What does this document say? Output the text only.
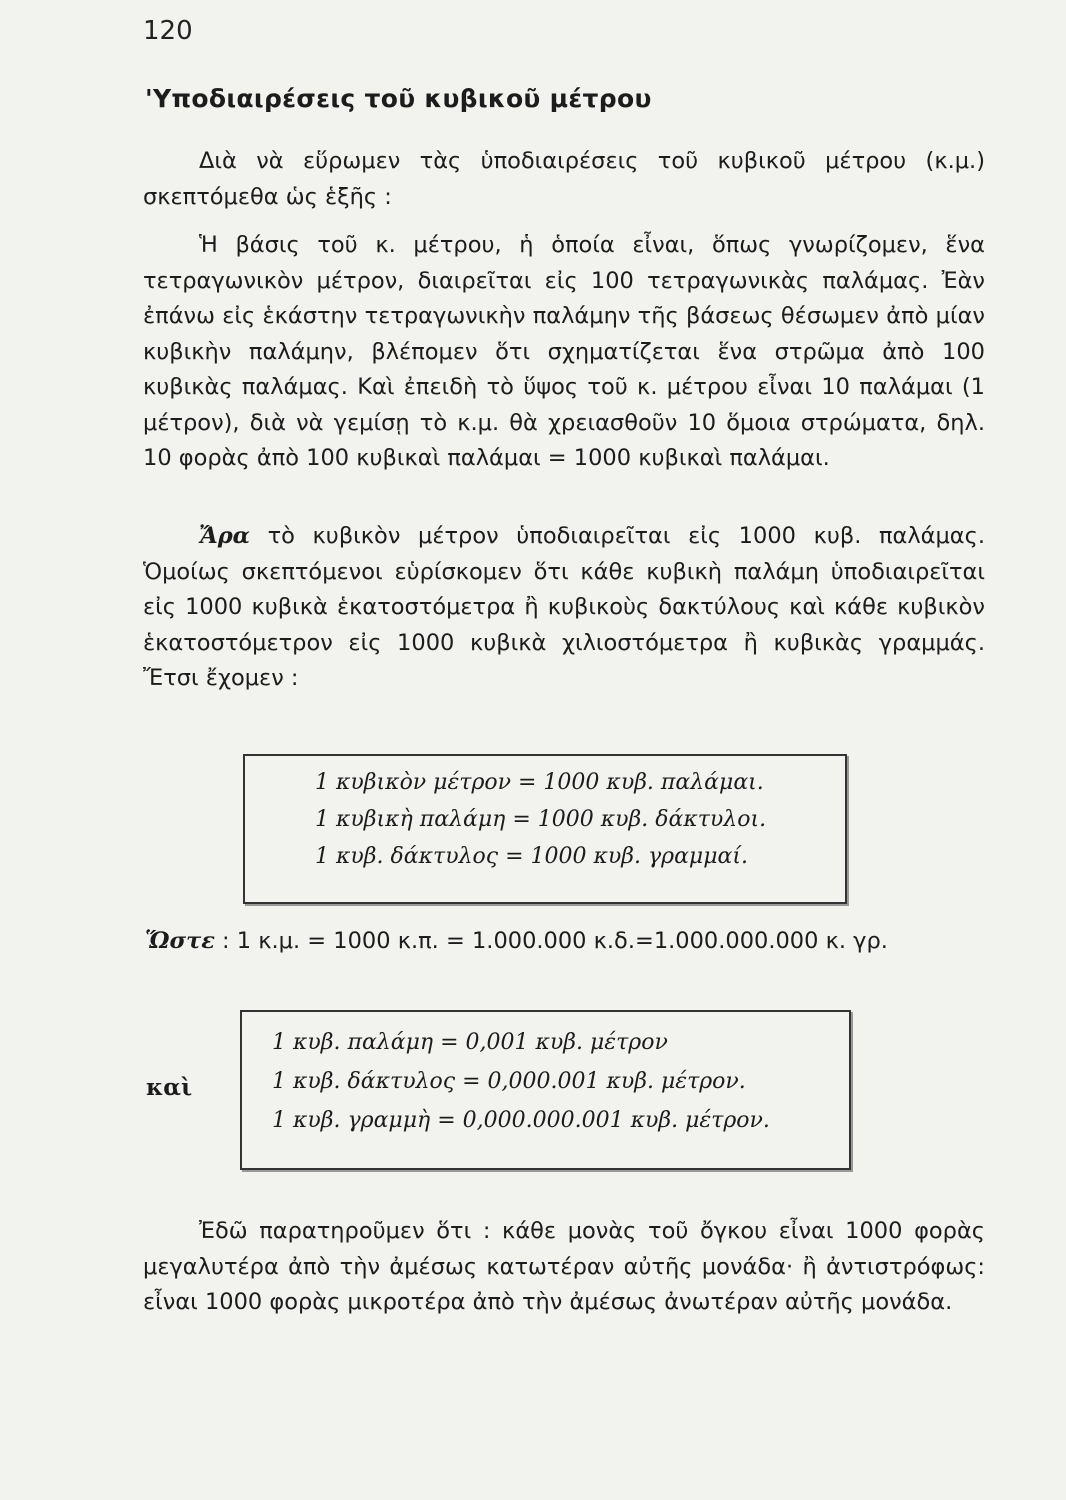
120
'Υποδιαιρέσεις τοῦ κυβικοῦ μέτρου

Διὰ νὰ εὕρωμεν τὰς ὑποδιαιρέσεις τοῦ κυβικοῦ μέτρου (κ.μ.) σκεπτόμεθα ὡς ἑξῆς :

Ἡ βάσις τοῦ κ. μέτρου, ἡ ὁποία εἶναι, ὅπως γνωρίζομεν, ἕνα τετραγωνικὸν μέτρον, διαιρεῖται εἰς 100 τετραγωνικὰς παλάμας. Ἐὰν ἐπάνω εἰς ἑκάστην τετραγωνικὴν παλάμην τῆς βάσεως θέσωμεν ἀπὸ μίαν κυβικὴν παλάμην, βλέπομεν ὅτι σχηματίζεται ἕνα στρῶμα ἀπὸ 100 κυβικὰς παλάμας. Καὶ ἐπειδὴ τὸ ὕψος τοῦ κ. μέτρου εἶναι 10 παλάμαι (1 μέτρον), διὰ νὰ γεμίσῃ τὸ κ.μ. θὰ χρειασθοῦν 10 ὅμοια στρώματα, δηλ. 10 φορὰς ἀπὸ 100 κυβικαὶ παλάμαι = 1000 κυβικαὶ παλάμαι.

Ἄρα τὸ κυβικὸν μέτρον ὑποδιαιρεῖται εἰς 1000 κυβ. παλάμας. Ὁμοίως σκεπτόμενοι εὑρίσκομεν ὅτι κάθε κυβικὴ παλάμη ὑποδιαιρεῖται εἰς 1000 κυβικὰ ἑκατοστόμετρα ἢ κυβικοὺς δακτύλους καὶ κάθε κυβικὸν ἑκατοστόμετρον εἰς 1000 κυβικὰ χιλιοστόμετρα ἢ κυβικὰς γραμμάς. Ἔτσι ἔχομεν :

1 κυβικὸν μέτρον = 1000 κυβ. παλάμαι.
1 κυβικὴ παλάμη = 1000 κυβ. δάκτυλοι.
1 κυβ. δάκτυλος = 1000 κυβ. γραμμαί.
Ὥστε : 1 κ.μ. = 1000 κ.π. = 1.000.000 κ.δ.=1.000.000.000 κ. γρ.
καὶ
1 κυβ. παλάμη = 0,001 κυβ. μέτρον
1 κυβ. δάκτυλος = 0,000.001 κυβ. μέτρον.
1 κυβ. γραμμὴ = 0,000.000.001 κυβ. μέτρον.

Ἐδῶ παρατηροῦμεν ὅτι : κάθε μονὰς τοῦ ὄγκου εἶναι 1000 φορὰς μεγαλυτέρα ἀπὸ τὴν ἀμέσως κατωτέραν αὐτῆς μονάδα· ἢ ἀντιστρόφως: εἶναι 1000 φορὰς μικροτέρα ἀπὸ τὴν ἀμέσως ἀνωτέραν αὐτῆς μονάδα.
